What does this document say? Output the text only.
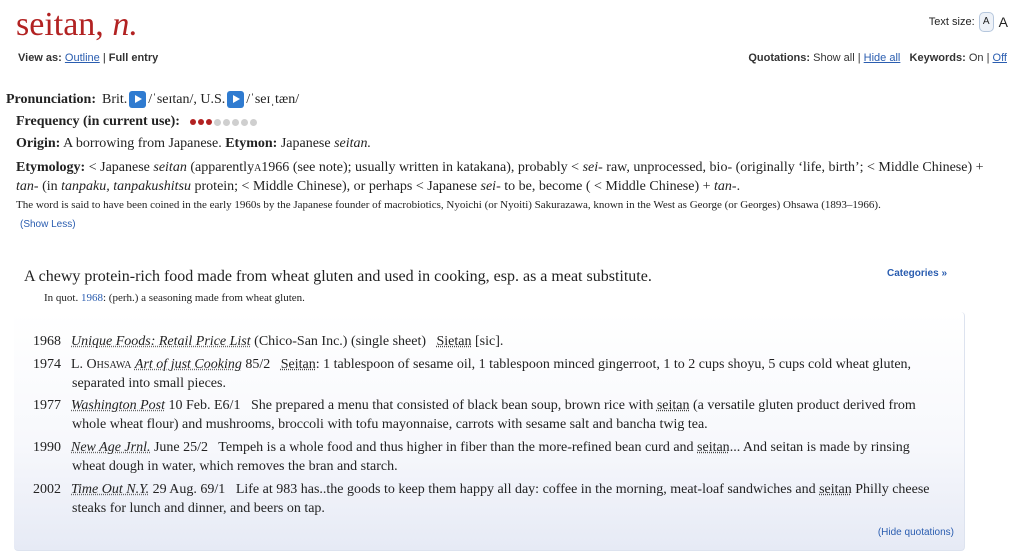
seitan, n.	Text size: A A
View as: Outline | Full entry	Quotations: Show all | Hide all Keywords: On | Off
Pronunciation: Brit. /ˈseɪtan/,
U.S. /ˈseɪˌtæn/
Frequency (in current use):
Origin: A borrowing from Japanese. Etymon: Japanese seitan.
Etymology: < Japanese seitan (apparentlya1966 (see note); usually written in katakana), probably < sei- raw, unprocessed, bio- (originally ‘life, birth’; < Middle Chinese) + tan- (in tanpaku, tanpakushitsu protein; < Middle Chinese), or perhaps < Japanese sei- to be, become ( < Middle Chinese) + tan-.
The word is said to have been coined in the early 1960s by the Japanese founder of macrobiotics, Nyoichi (or Nyoiti) Sakurazawa, known in the West as George (or Georges) Ohsawa (1893–1966).
(Show Less)
A chewy protein-rich food made from wheat gluten and used in cooking, esp. as a meat substitute.	Categories »
In quot. 1968: (perh.) a seasoning made from wheat gluten.
1968 Unique Foods: Retail Price List (Chico-San Inc.) (single sheet) Sietan [sic].
1974 L. Ohsawa Art of just Cooking 85/2 Seitan: 1 tablespoon of sesame oil, 1 tablespoon minced gingerroot, 1 to 2 cups shoyu, 5 cups cold wheat gluten,
separated into small pieces.
1977 Washington Post 10 Feb. E6/1 She prepared a menu that consisted of black bean soup, brown rice with seitan (a versatile gluten product derived from
whole wheat flour) and mushrooms, broccoli with tofu mayonnaise, carrots with sesame salt and bancha twig tea.
1990 New Age Jrnl. June 25/2 Tempeh is a whole food and thus higher in fiber than the more-refined bean curd and seitan... And seitan is made by rinsing
wheat dough in water, which removes the bran and starch.
2002 Time Out N.Y. 29 Aug. 69/1 Life at 983 has..the goods to keep them happy all day: coffee in the morning, meat-loaf sandwiches and seitan Philly cheese
steaks for lunch and dinner, and beers on tap.
(Hide quotations)
